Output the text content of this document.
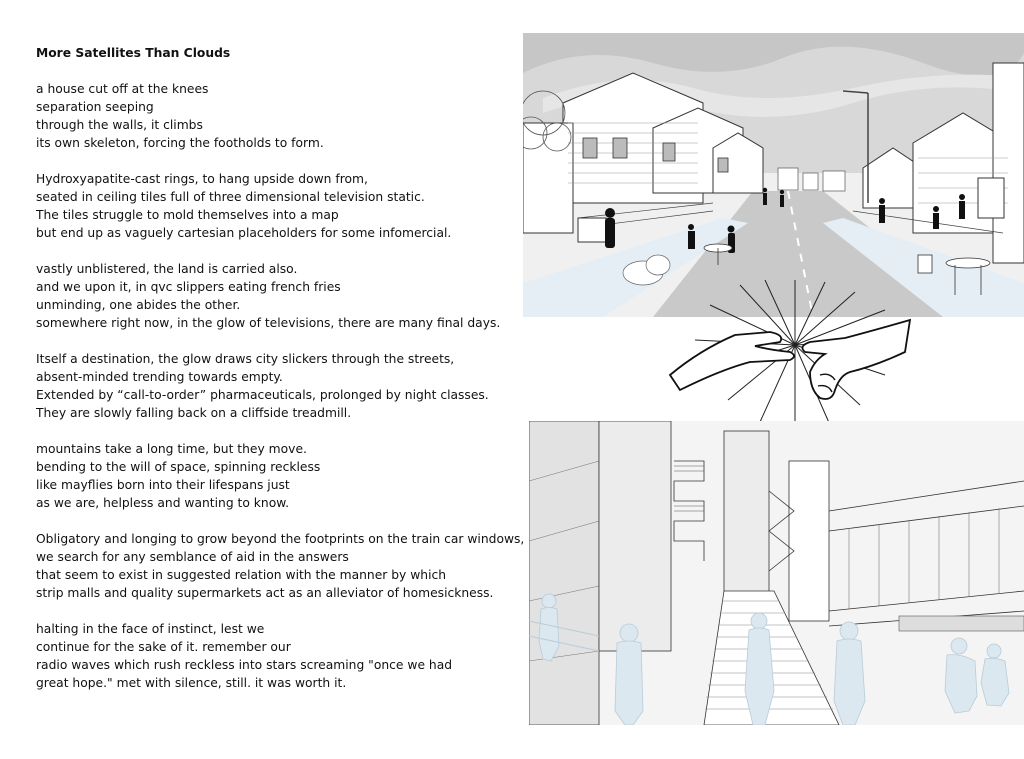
More Satellites Than Clouds

a house cut off at the knees
separation seeping
through the walls, it climbs
its own skeleton, forcing the footholds to form.

Hydroxyapatite-cast rings, to hang upside down from,
seated in ceiling tiles full of three dimensional television static.
The tiles struggle to mold themselves into a map
but end up as vaguely cartesian placeholders for some infomercial.

vastly unblistered, the land is carried also.
and we upon it, in qvc slippers eating french fries
unminding, one abides the other.
somewhere right now, in the glow of televisions, there are many final days.

Itself a destination, the glow draws city slickers through the streets,
absent-minded trending towards empty.
Extended by “call-to-order” pharmaceuticals, prolonged by night classes.
They are slowly falling back on a cliffside treadmill.

mountains take a long time, but they move.
bending to the will of space, spinning reckless
like mayflies born into their lifespans just
as we are, helpless and wanting to know.

Obligatory and longing to grow beyond the footprints on the train car windows,
we search for any semblance of aid in the answers
that seem to exist in suggested relation with the manner by which
strip malls and quality supermarkets act as an alleviator of homesickness.

halting in the face of instinct, lest we
continue for the sake of it. remember our
radio waves which rush reckless into stars screaming "once we had
great hope." met with silence, still. it was worth it.
